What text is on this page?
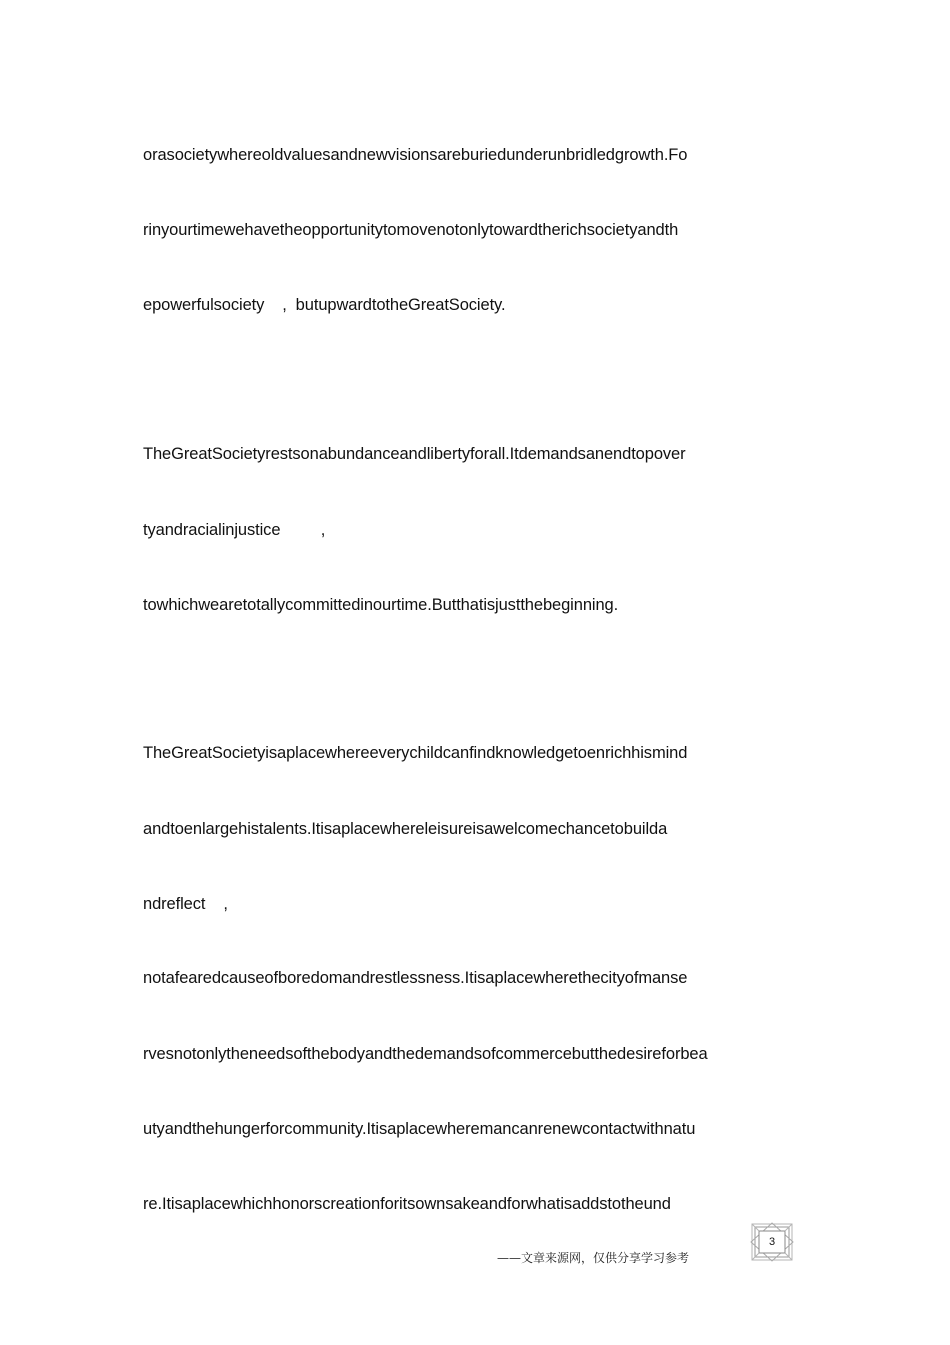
orasocietywhereoldvaluesandnewvisionsareburiedunderunbridledgrowth.Fo
rinyourtimewehavetheopportunitytomovenotonlytowardtherichsocietyandth
epowerfulsociety    ,  butupwardtotheGreatSociety.
TheGreatSocietyrestsonabundanceandlibertyforall.Itdemandsanendtopover
tyandracialinjustice         ,
towhichwearetotallycommittedinourtime.Butthatisjustthebeginning.
TheGreatSocietyisaplacewhereeverychildcanfindknowledgetoenrichhismind
andtoenlargehistalents.Itisaplacewhereleisureisawelcomechancetobuilda
ndreflect    ,
notafearedcauseofboredomandrestlessness.Itisaplacewherethecityofmanse
rvesnotonlytheneedsofthebodyandthedemandsofcommercebutthedesireforbea
utyandthehungerforcommunity.Itisaplacewheremancanrenewcontactwithnatu
re.Itisaplacewhichhonorscreationforitsownsakeandforwhatisaddstotheund
——文章来源网，仅供分享学习参考
3
